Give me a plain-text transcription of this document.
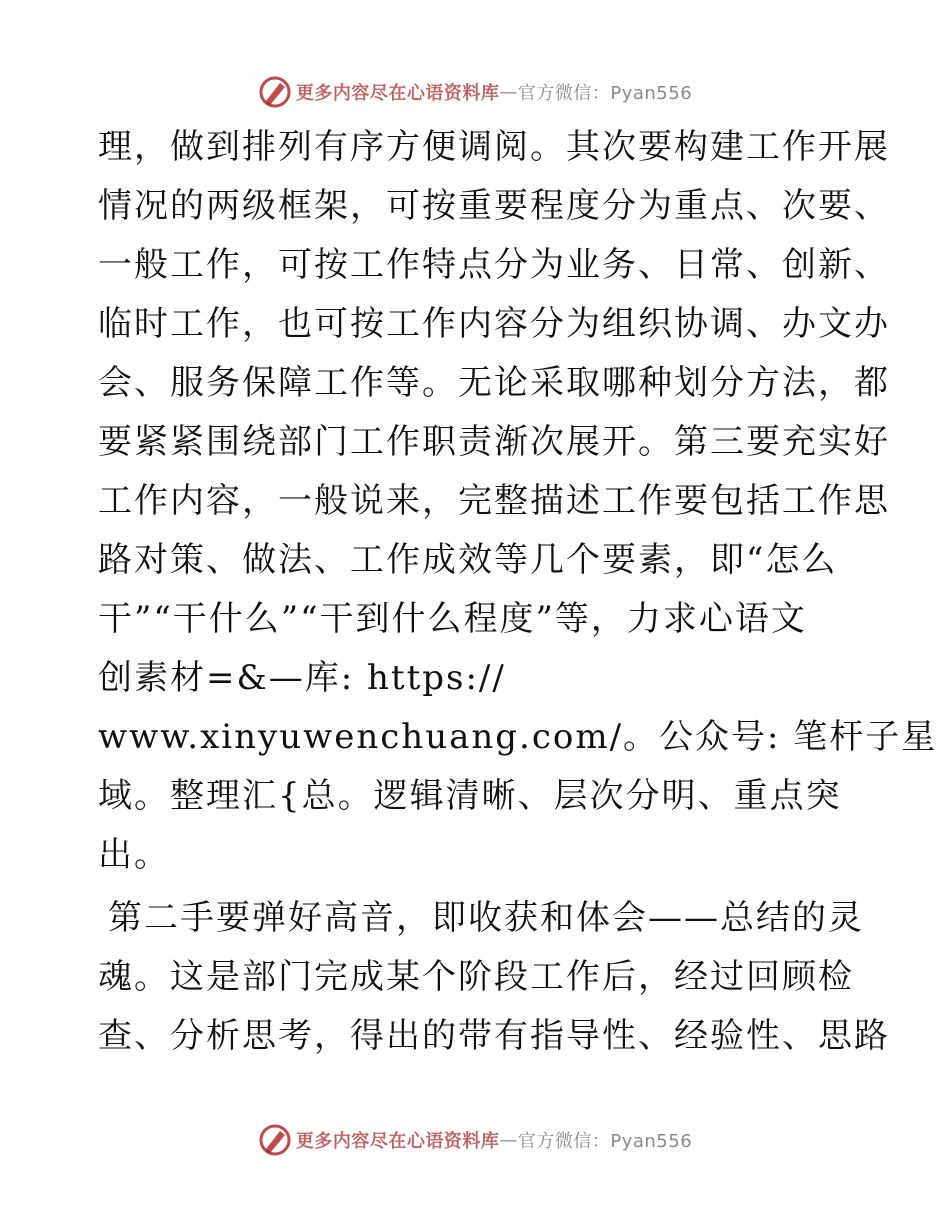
更多内容尽在心语资料库 — 官方微信：Pyan556
理，做到排列有序方便调阅。其次要构建工作开展
情况的两级框架，可按重要程度分为重点、次要、
一般工作，可按工作特点分为业务、日常、创新、
临时工作，也可按工作内容分为组织协调、办文办
会、服务保障工作等。无论采取哪种划分方法，都
要紧紧围绕部门工作职责渐次展开。第三要充实好
工作内容，一般说来，完整描述工作要包括工作思
路对策、做法、工作成效等几个要素，即“怎么
干”“干什么”“干到什么程度”等，力求心语文
创素材=&—库: https://
www.xinyuwenchuang.com/。公众号: 笔杆子星
域。整理汇{总。逻辑清晰、层次分明、重点突
出。
第二手要弹好高音，即收获和体会——总结的灵
魂。这是部门完成某个阶段工作后，经过回顾检
查、分析思考，得出的带有指导性、经验性、思路
更多内容尽在心语资料库 — 官方微信：Pyan556
